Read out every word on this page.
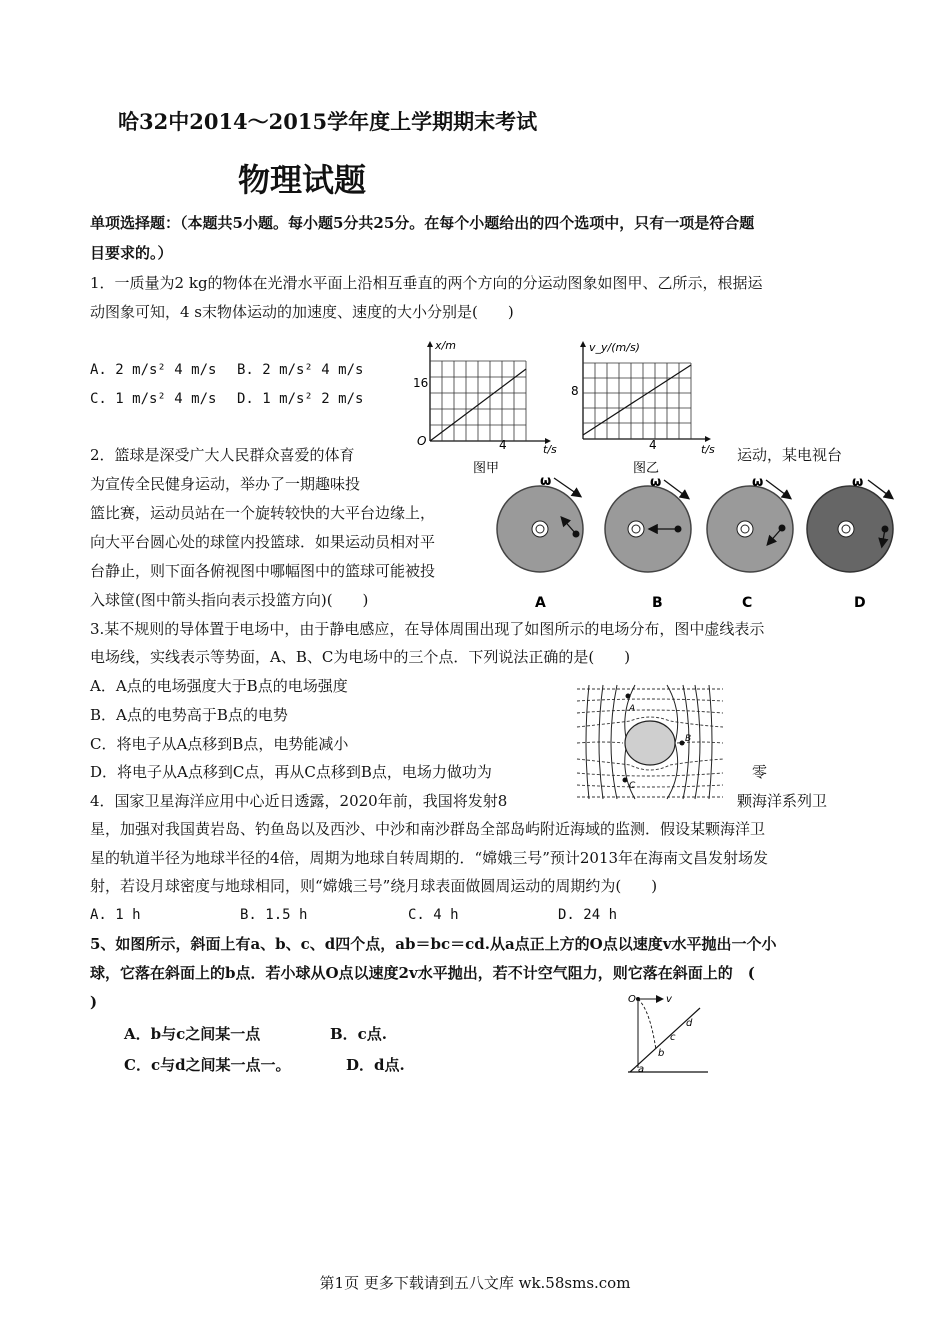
哈32中2014～2015学年度上学期期末考试
物理试题
单项选择题：（本题共5小题。每小题5分共25分。在每个小题给出的四个选项中，只有一项是符合题
目要求的。）
1．一质量为2 kg的物体在光滑水平面上沿相互垂直的两个方向的分运动图象如图甲、乙所示，根据运
动图象可知，4 s末物体运动的加速度、速度的大小分别是(　　)
A. 2 m/s² 4 m/s B. 2 m/s² 4 m/s
C. 1 m/s² 4 m/s D. 1 m/s² 2 m/s
x/m
16
O	4	t/s
图甲
v_y/(m/s)
8
4	t/s
图乙
2．篮球是深受广大人民群众喜爱的体育	运动，某电视台
为宣传全民健身运动，举办了一期趣味投
篮比赛，运动员站在一个旋转较快的大平台边缘上，
向大平台圆心处的球筐内投篮球．如果运动员相对平
台静止，则下面各俯视图中哪幅图中的篮球可能被投
入球筐(图中箭头指向表示投篮方向)(　　)
ω
A
ω
B
ω
C
ω
D
3.某不规则的导体置于电场中，由于静电感应，在导体周围出现了如图所示的电场分布，图中虚线表示
电场线，实线表示等势面，A、B、C为电场中的三个点．下列说法正确的是(　　)
A．A点的电场强度大于B点的电场强度
B．A点的电势高于B点的电势
C．将电子从A点移到B点，电势能减小
D．将电子从A点移到C点，再从C点移到B点，电场力做功为	零
A
B
C
4．国家卫星海洋应用中心近日透露，2020年前，我国将发射8	颗海洋系列卫
星，加强对我国黄岩岛、钓鱼岛以及西沙、中沙和南沙群岛全部岛屿附近海域的监测．假设某颗海洋卫
星的轨道半径为地球半径的4倍，周期为地球自转周期的．“嫦娥三号”预计2013年在海南文昌发射场发
射，若设月球密度与地球相同，则“嫦娥三号”绕月球表面做圆周运动的周期约为(　　)
A. 1 h	B. 1.5 h	C. 4 h	D. 24 h
5、如图所示，斜面上有a、b、c、d四个点，ab＝bc＝cd.从a点正上方的O点以速度v水平抛出一个小
球，它落在斜面上的b点．若小球从O点以速度2v水平抛出，若不计空气阻力，则它落在斜面上的　(
)
A．b与c之间某一点	B．c点.
C．c与d之间某一点一。	D．d点.
O	v
a
b
c
d
第1页 更多下载请到五八文库 wk.58sms.com
